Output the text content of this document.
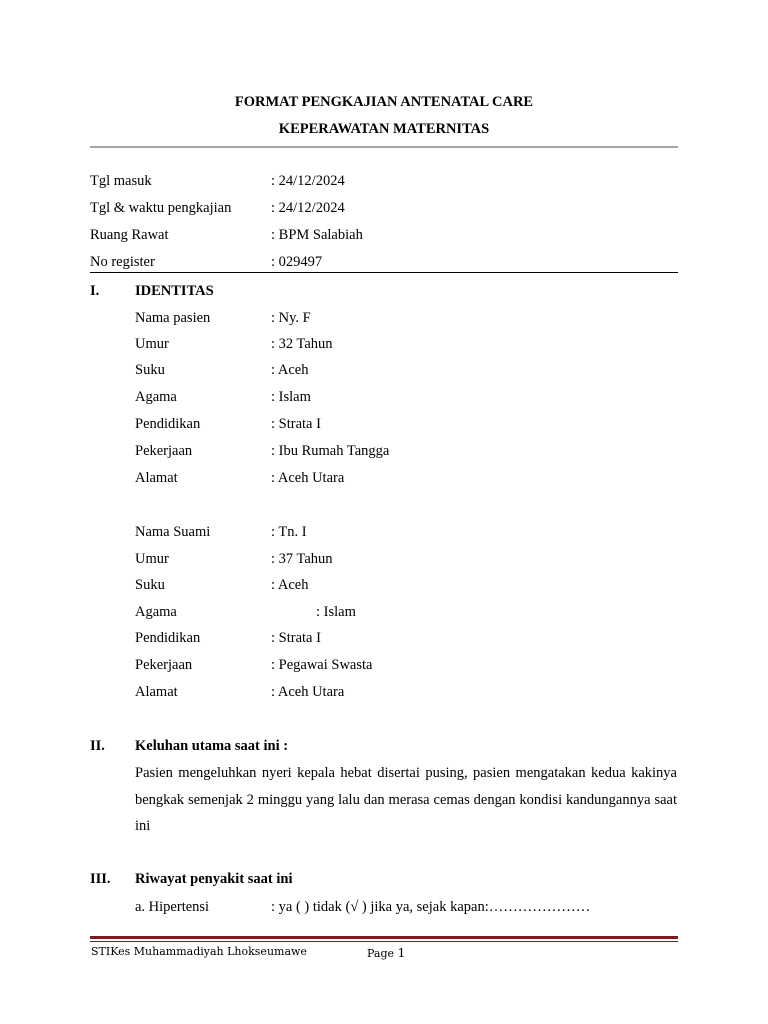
FORMAT PENGKAJIAN ANTENATAL CARE
KEPERAWATAN MATERNITAS
Tgl masuk	: 24/12/2024
Tgl & waktu pengkajian	: 24/12/2024
Ruang Rawat	: BPM Salabiah
No register	: 029497
I. IDENTITAS
Nama pasien	: Ny. F
Umur	: 32 Tahun
Suku	: Aceh
Agama	: Islam
Pendidikan	: Strata I
Pekerjaan	: Ibu Rumah Tangga
Alamat	: Aceh Utara
Nama Suami	: Tn. I
Umur	: 37 Tahun
Suku	: Aceh
Agama	: Islam
Pendidikan	: Strata I
Pekerjaan	: Pegawai Swasta
Alamat	: Aceh Utara
II. Keluhan utama saat ini :
Pasien mengeluhkan nyeri kepala hebat disertai pusing, pasien mengatakan kedua kakinya bengkak semenjak 2 minggu yang lalu dan merasa cemas dengan kondisi kandungannya saat ini
III. Riwayat penyakit saat ini
a. Hipertensi	: ya ( ) tidak (√ ) jika ya, sejak kapan:…………………
STIKes Muhammadiyah Lhokseumawe	Page 1
